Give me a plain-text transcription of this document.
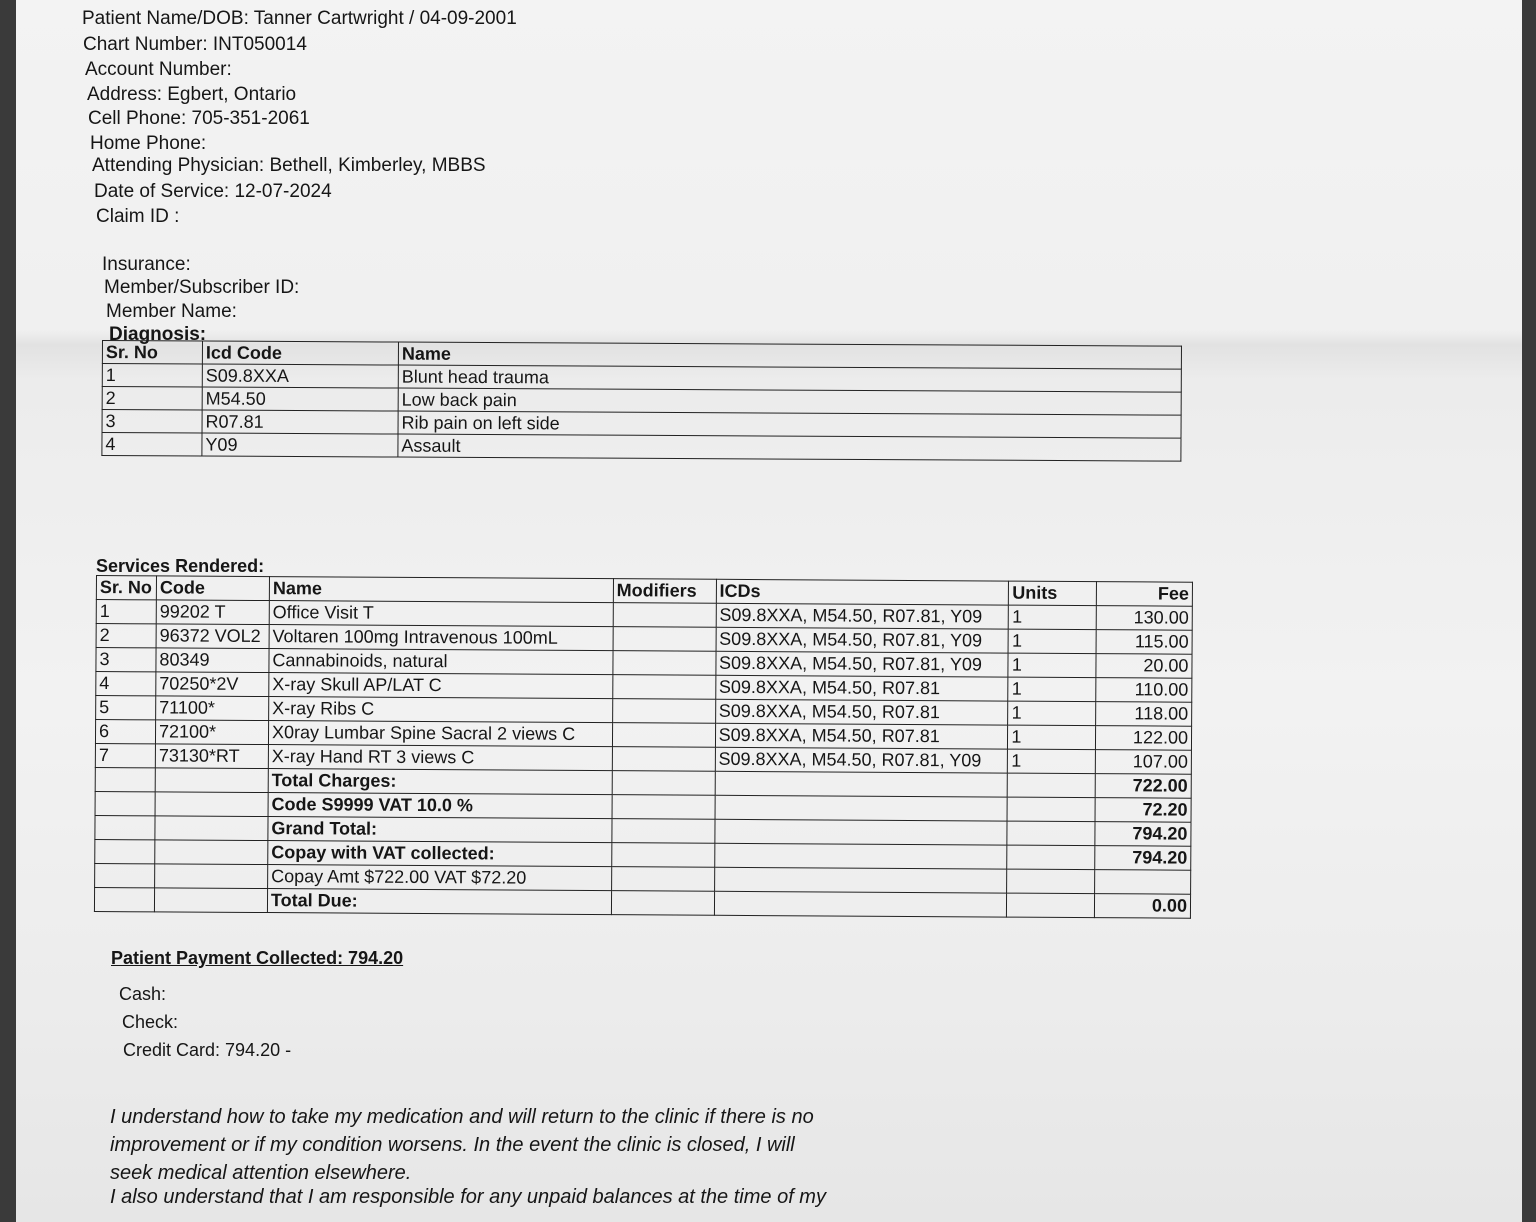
Patient Name/DOB: Tanner Cartwright / 04-09-2001
Chart Number: INT050014
Account Number:
Address: Egbert, Ontario
Cell Phone: 705-351-2061
Home Phone:
Attending Physician: Bethell, Kimberley, MBBS
Date of Service: 12-07-2024
Claim ID :
Insurance:
Member/Subscriber ID:
Member Name:
Diagnosis:
Sr. No	Icd Code	Name
1	S09.8XXA	Blunt head trauma
2	M54.50	Low back pain
3	R07.81	Rib pain on left side
4	Y09	Assault
Services Rendered:
Sr. No	Code	Name	Modifiers	ICDs	Units	Fee
1	99202 T	Office Visit T		S09.8XXA, M54.50, R07.81, Y09	1	130.00
2	96372 VOL2	Voltaren 100mg Intravenous 100mL		S09.8XXA, M54.50, R07.81, Y09	1	115.00
3	80349	Cannabinoids, natural		S09.8XXA, M54.50, R07.81, Y09	1	20.00
4	70250*2V	X-ray Skull AP/LAT C		S09.8XXA, M54.50, R07.81	1	110.00
5	71100*	X-ray Ribs C		S09.8XXA, M54.50, R07.81	1	118.00
6	72100*	X0ray Lumbar Spine Sacral 2 views C		S09.8XXA, M54.50, R07.81	1	122.00
7	73130*RT	X-ray Hand RT 3 views C		S09.8XXA, M54.50, R07.81, Y09	1	107.00
		Total Charges:				722.00
		Code S9999 VAT 10.0 %				72.20
		Grand Total:				794.20
		Copay with VAT collected:				794.20
		Copay Amt $722.00 VAT $72.20				
		Total Due:				0.00
Patient Payment Collected: 794.20
Cash:
Check:
Credit Card: 794.20 -
I understand how to take my medication and will return to the clinic if there is no
improvement or if my condition worsens. In the event the clinic is closed, I will
seek medical attention elsewhere.
I also understand that I am responsible for any unpaid balances at the time of my
